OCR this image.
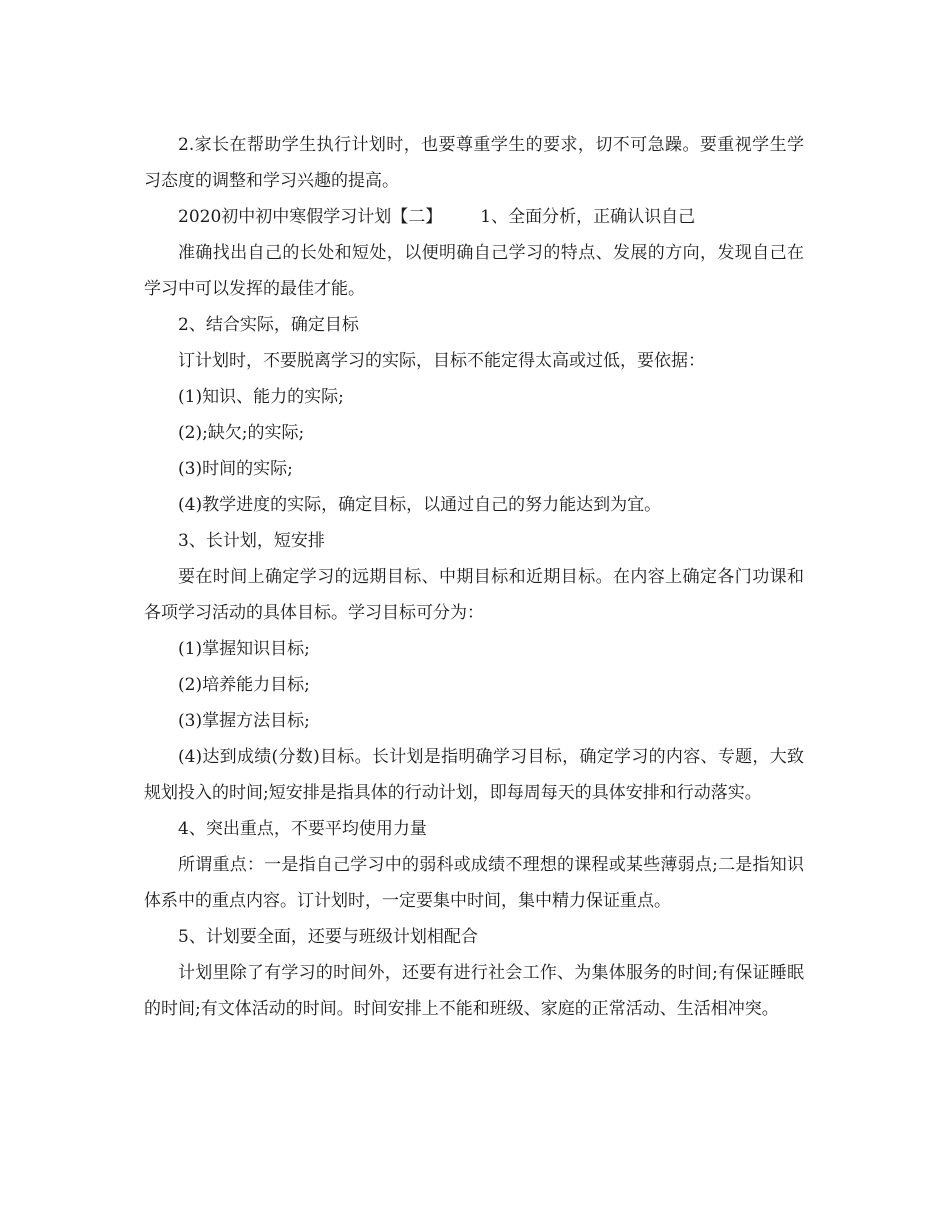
2.家长在帮助学生执行计划时，也要尊重学生的要求，切不可急躁。要重视学生学习态度的调整和学习兴趣的提高。

2020初中初中寒假学习计划【二】 1、全面分析，正确认识自己

准确找出自己的长处和短处，以便明确自己学习的特点、发展的方向，发现自己在学习中可以发挥的最佳才能。

2、结合实际，确定目标

订计划时，不要脱离学习的实际，目标不能定得太高或过低，要依据：

(1)知识、能力的实际;

(2);缺欠;的实际;

(3)时间的实际;

(4)教学进度的实际，确定目标，以通过自己的努力能达到为宜。

3、长计划，短安排

要在时间上确定学习的远期目标、中期目标和近期目标。在内容上确定各门功课和各项学习活动的具体目标。学习目标可分为：

(1)掌握知识目标;

(2)培养能力目标;

(3)掌握方法目标;

(4)达到成绩(分数)目标。长计划是指明确学习目标，确定学习的内容、专题，大致规划投入的时间;短安排是指具体的行动计划，即每周每天的具体安排和行动落实。

4、突出重点，不要平均使用力量

所谓重点：一是指自己学习中的弱科或成绩不理想的课程或某些薄弱点;二是指知识体系中的重点内容。订计划时，一定要集中时间，集中精力保证重点。

5、计划要全面，还要与班级计划相配合

计划里除了有学习的时间外，还要有进行社会工作、为集体服务的时间;有保证睡眠的时间;有文体活动的时间。时间安排上不能和班级、家庭的正常活动、生活相冲突。
